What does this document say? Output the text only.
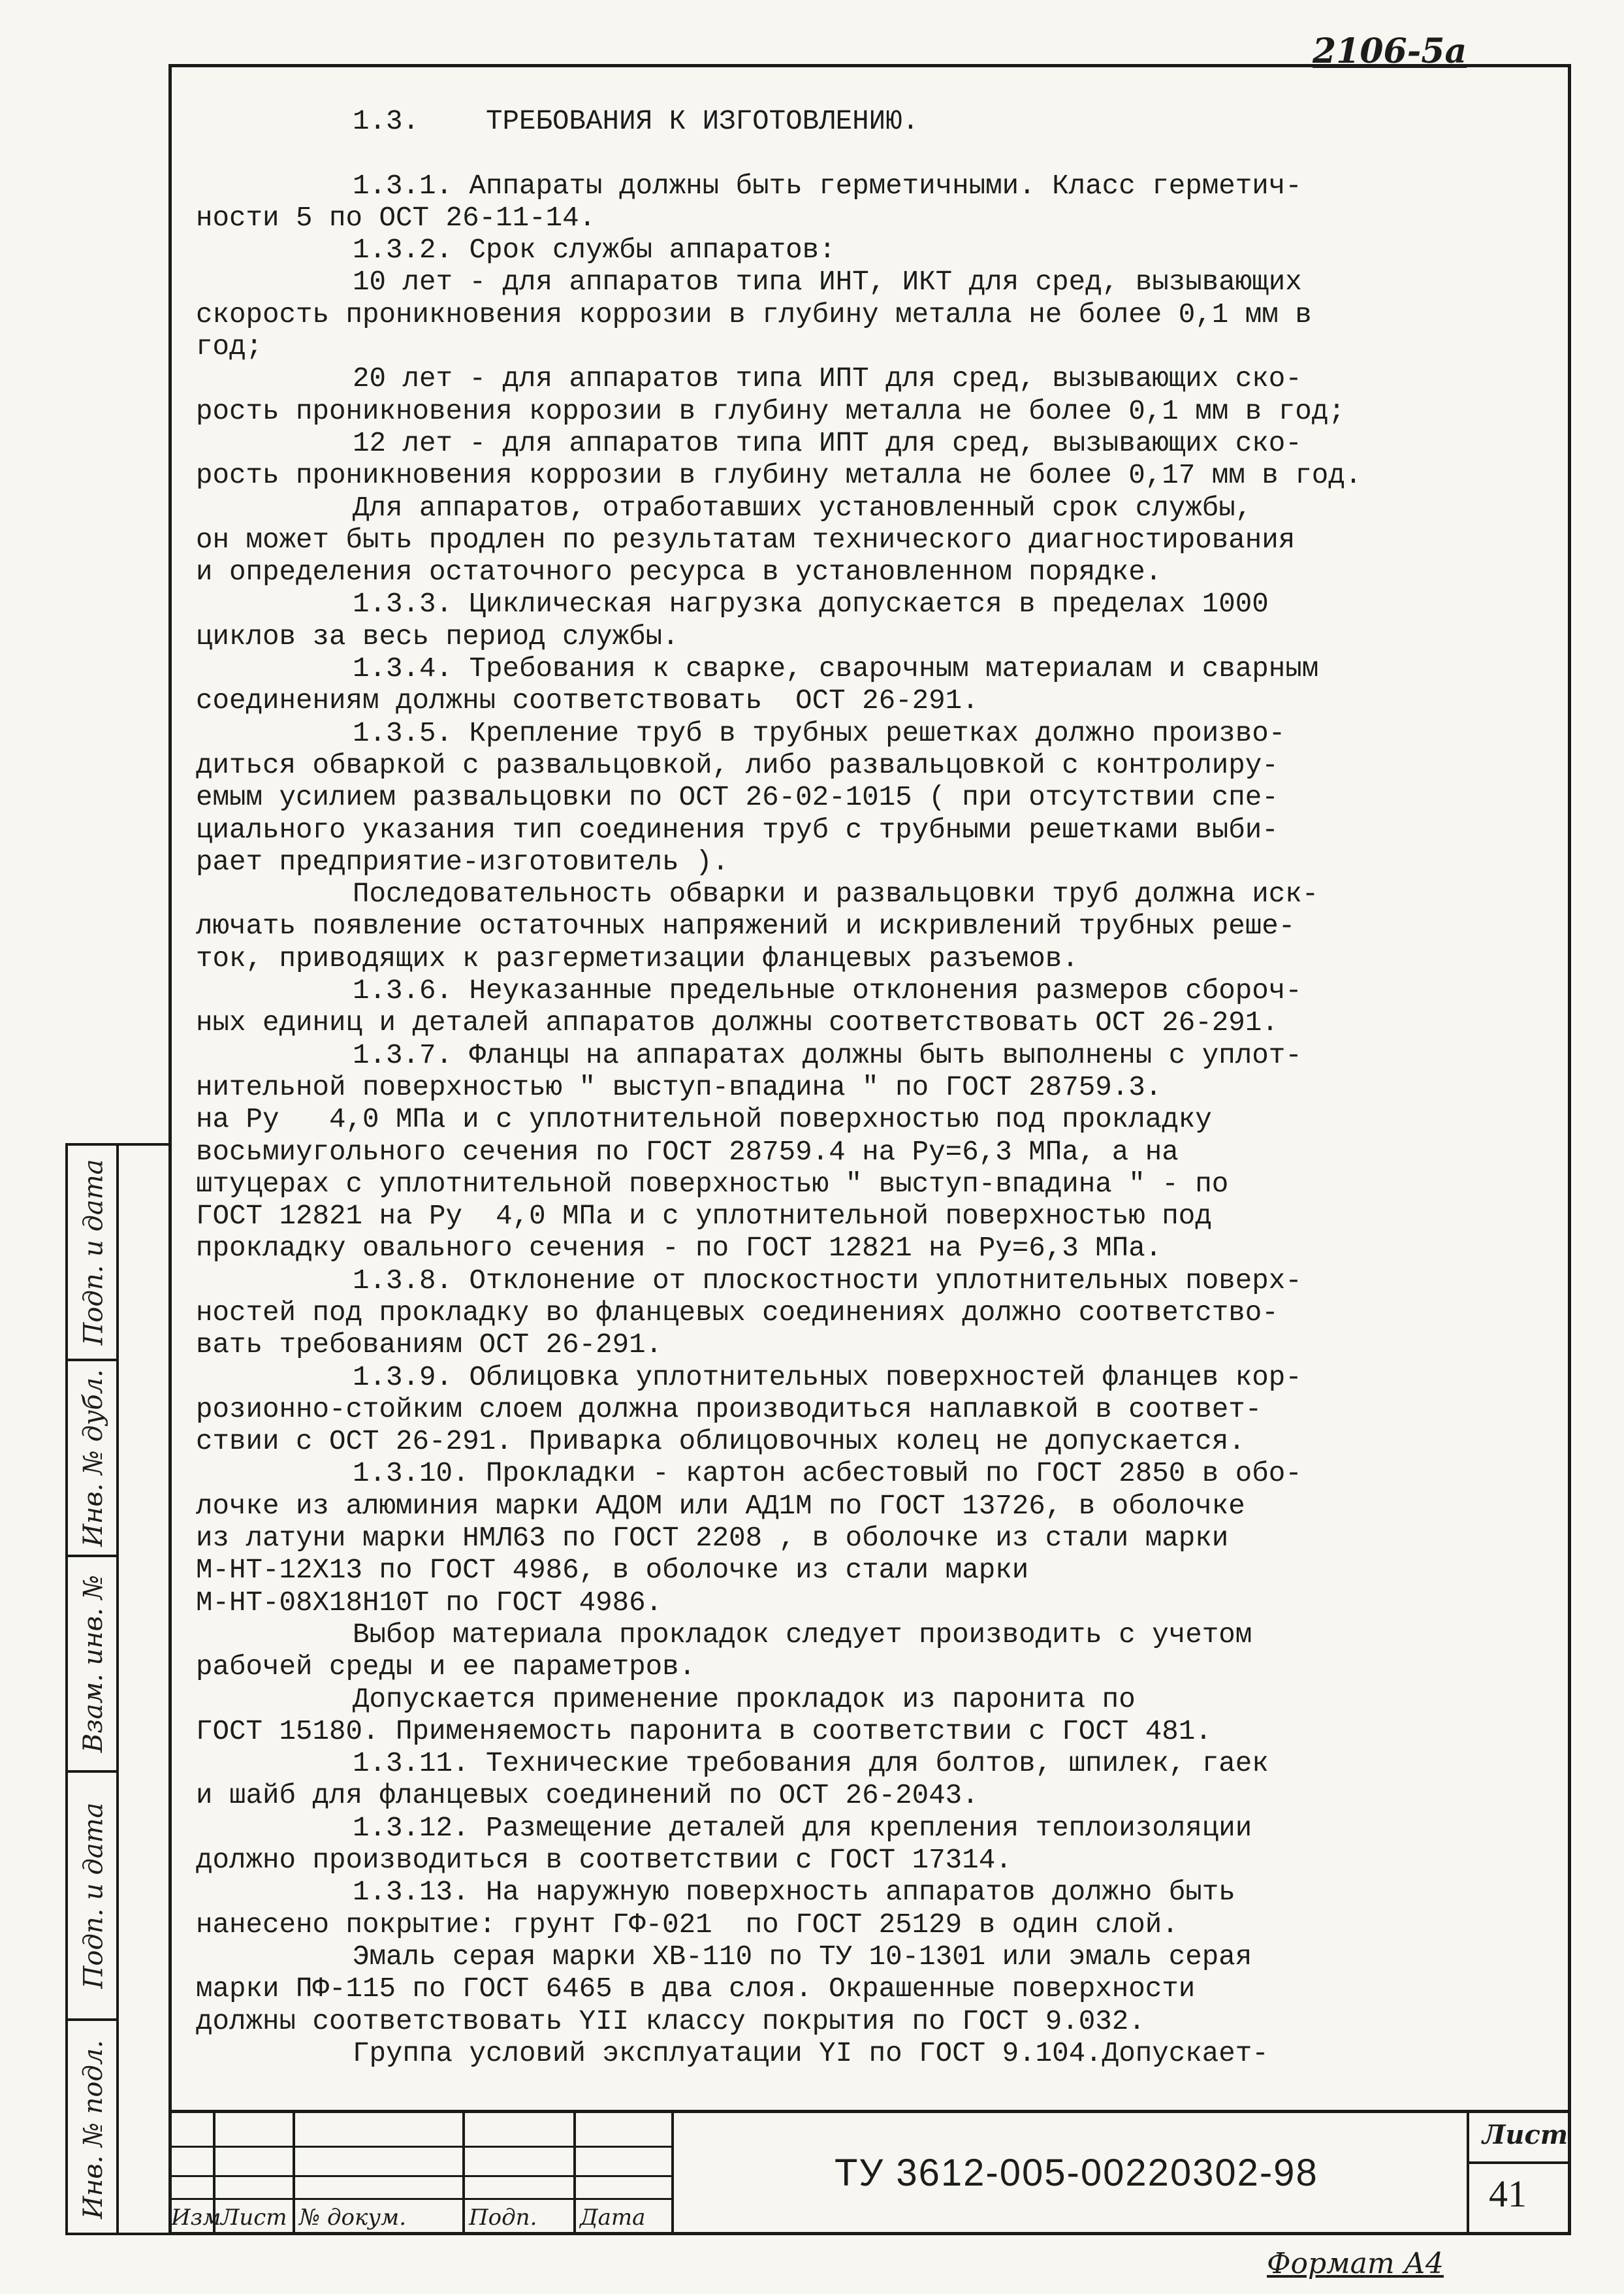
2106-5a
1.3.    ТРЕБОВАНИЯ К ИЗГОТОВЛЕНИЮ.
1.3.1. Аппараты должны быть герметичными. Класс герметич-
ности 5 по ОСТ 26-11-14.
1.3.2. Срок службы аппаратов:
10 лет - для аппаратов типа ИНТ, ИКТ для сред, вызывающих
скорость проникновения коррозии в глубину металла не более 0,1 мм в
год;
20 лет - для аппаратов типа ИПТ для сред, вызывающих ско-
рость проникновения коррозии в глубину металла не более 0,1 мм в год;
12 лет - для аппаратов типа ИПТ для сред, вызывающих ско-
рость проникновения коррозии в глубину металла не более 0,17 мм в год.
Для аппаратов, отработавших установленный срок службы,
он может быть продлен по результатам технического диагностирования
и определения остаточного ресурса в установленном порядке.
1.3.3. Циклическая нагрузка допускается в пределах 1000
циклов за весь период службы.
1.3.4. Требования к сварке, сварочным материалам и сварным
соединениям должны соответствовать  ОСТ 26-291.
1.3.5. Крепление труб в трубных решетках должно произво-
диться обваркой с развальцовкой, либо развальцовкой с контролиру-
емым усилием развальцовки по ОСТ 26-02-1015 ( при отсутствии спе-
циального указания тип соединения труб с трубными решетками выби-
рает предприятие-изготовитель ).
Последовательность обварки и развальцовки труб должна иск-
лючать появление остаточных напряжений и искривлений трубных реше-
ток, приводящих к разгерметизации фланцевых разъемов.
1.3.6. Неуказанные предельные отклонения размеров сбороч-
ных единиц и деталей аппаратов должны соответствовать ОСТ 26-291.
1.3.7. Фланцы на аппаратах должны быть выполнены с уплот-
нительной поверхностью " выступ-впадина " по ГОСТ 28759.3.
на Ру   4,0 МПа и с уплотнительной поверхностью под прокладку
восьмиугольного сечения по ГОСТ 28759.4 на Ру=6,3 МПа, а на
штуцерах с уплотнительной поверхностью " выступ-впадина " - по
ГОСТ 12821 на Ру  4,0 МПа и с уплотнительной поверхностью под
прокладку овального сечения - по ГОСТ 12821 на Ру=6,3 МПа.
1.3.8. Отклонение от плоскостности уплотнительных поверх-
ностей под прокладку во фланцевых соединениях должно соответство-
вать требованиям ОСТ 26-291.
1.3.9. Облицовка уплотнительных поверхностей фланцев кор-
розионно-стойким слоем должна производиться наплавкой в соответ-
ствии с ОСТ 26-291. Приварка облицовочных колец не допускается.
1.3.10. Прокладки - картон асбестовый по ГОСТ 2850 в обо-
лочке из алюминия марки АДОМ или АД1М по ГОСТ 13726, в оболочке
из латуни марки НМЛ63 по ГОСТ 2208 , в оболочке из стали марки
М-НТ-12Х13 по ГОСТ 4986, в оболочке из стали марки
М-НТ-08Х18Н10Т по ГОСТ 4986.
Выбор материала прокладок следует производить с учетом
рабочей среды и ее параметров.
Допускается применение прокладок из паронита по
ГОСТ 15180. Применяемость паронита в соответствии с ГОСТ 481.
1.3.11. Технические требования для болтов, шпилек, гаек
и шайб для фланцевых соединений по ОСТ 26-2043.
1.3.12. Размещение деталей для крепления теплоизоляции
должно производиться в соответствии с ГОСТ 17314.
1.3.13. На наружную поверхность аппаратов должно быть
нанесено покрытие: грунт ГФ-021  по ГОСТ 25129 в один слой.
Эмаль серая марки ХВ-110 по ТУ 10-1301 или эмаль серая
марки ПФ-115 по ГОСТ 6465 в два слоя. Окрашенные поверхности
должны соответствовать YII классу покрытия по ГОСТ 9.032.
Группа условий эксплуатации YI по ГОСТ 9.104.Допускает-
Подп. и дата
Инв. № дубл.
Взам. инв. №
Подп. и дата
Инв. № подл.	Изм Лист № докум.	Подп. Дата
ТУ 3612-005-00220302-98
Лист
41
Формат А4
